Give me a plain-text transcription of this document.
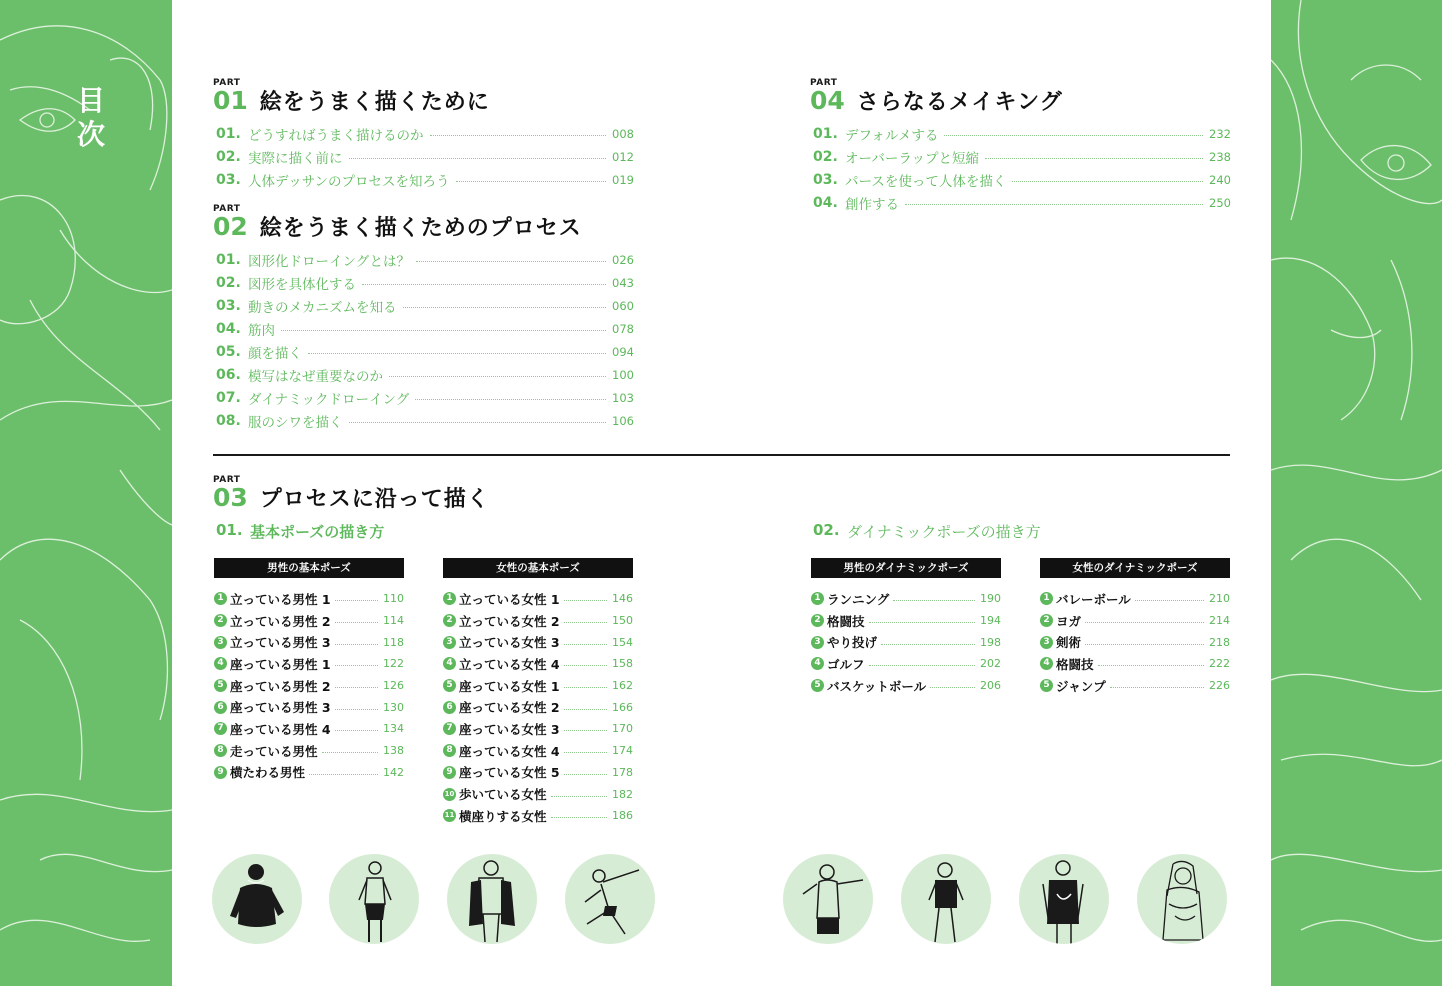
目
次
PART
01 絵をうまく描くために
01. どうすればうまく描けるのか	008
02. 実際に描く前に	012
03. 人体デッサンのプロセスを知ろう	019
PART
02 絵をうまく描くためのプロセス
01. 図形化ドローイングとは？	026
02. 図形を具体化する	043
03. 動きのメカニズムを知る	060
04. 筋肉	078
05. 顔を描く	094
06. 模写はなぜ重要なのか	100
07. ダイナミックドローイング	103
08. 服のシワを描く	106
PART
04 さらなるメイキング
01. デフォルメする	232
02. オーバーラップと短縮	238
03. パースを使って人体を描く	240
04. 創作する	250
PART
03 プロセスに沿って描く
01. 基本ポーズの描き方	02. ダイナミックポーズの描き方
男性の基本ポーズ
1 立っている男性 1	110
2 立っている男性 2	114
3 立っている男性 3	118
4 座っている男性 1	122
5 座っている男性 2	126
6 座っている男性 3	130
7 座っている男性 4	134
8 走っている男性	138
9 横たわる男性	142
女性の基本ポーズ
1 立っている女性 1	146
2 立っている女性 2	150
3 立っている女性 3	154
4 立っている女性 4	158
5 座っている女性 1	162
6 座っている女性 2	166
7 座っている女性 3	170
8 座っている女性 4	174
9 座っている女性 5	178
10 歩いている女性	182
11 横座りする女性	186
男性のダイナミックポーズ
1 ランニング	190
2 格闘技	194
3 やり投げ	198
4 ゴルフ	202
5 バスケットボール	206
女性のダイナミックポーズ
1 バレーボール	210
2 ヨガ	214
3 剣術	218
4 格闘技	222
5 ジャンプ	226
